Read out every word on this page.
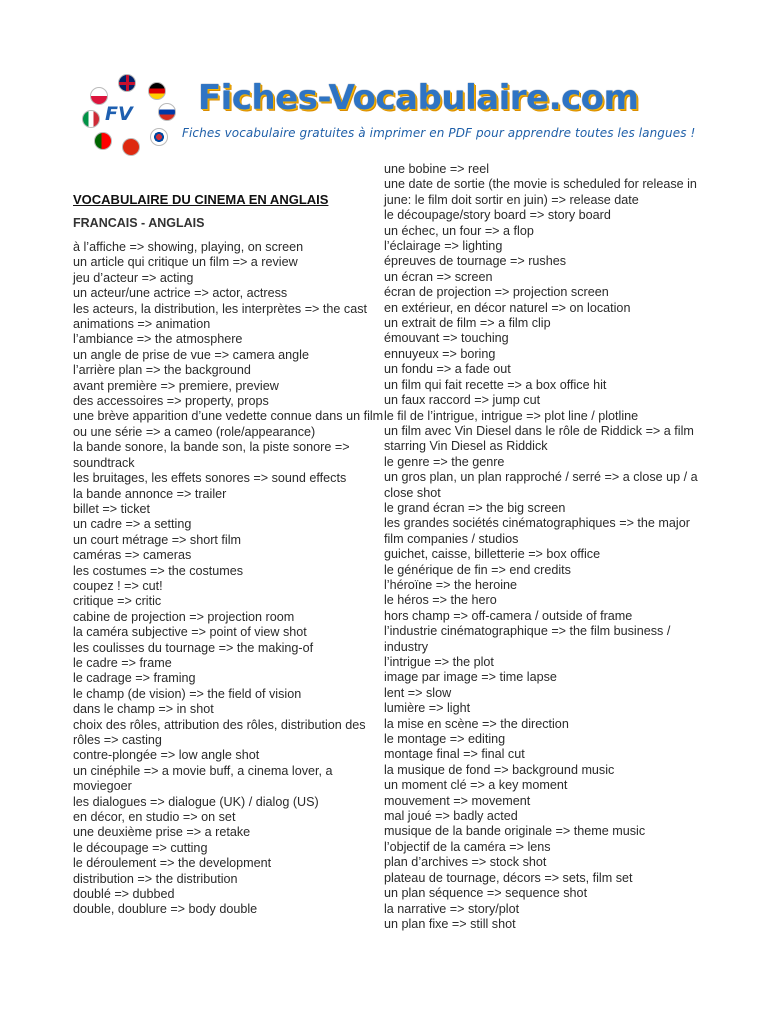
FV	Fiches-Vocabulaire.com
Fiches vocabulaire gratuites à imprimer en PDF pour apprendre toutes les langues !
VOCABULAIRE DU CINEMA EN ANGLAIS
FRANCAIS - ANGLAIS

à l’affiche => showing, playing, on screen

un article qui critique un film => a review

jeu d’acteur => acting

un acteur/une actrice => actor, actress

les acteurs, la distribution, les interprètes => the cast

animations => animation

l’ambiance => the atmosphere

un angle de prise de vue => camera angle

l’arrière plan => the background

avant première => premiere, preview

des accessoires => property, props

une brève apparition d’une vedette connue dans un film ou une série => a cameo (role/appearance)

la bande sonore, la bande son, la piste sonore => soundtrack

les bruitages, les effets sonores => sound effects

la bande annonce => trailer

billet => ticket

un cadre => a setting

un court métrage => short film

caméras => cameras

les costumes => the costumes

coupez ! => cut!

critique => critic

cabine de projection => projection room

la caméra subjective => point of view shot

les coulisses du tournage => the making-of

le cadre => frame

le cadrage => framing

le champ (de vision) => the field of vision

dans le champ => in shot

choix des rôles, attribution des rôles, distribution des rôles => casting

contre-plongée => low angle shot

un cinéphile => a movie buff, a cinema lover, a moviegoer

les dialogues => dialogue (UK) / dialog (US)

en décor, en studio => on set

une deuxième prise => a retake

le découpage => cutting

le déroulement => the development

distribution => the distribution

doublé => dubbed

double, doublure => body double

une bobine => reel

une date de sortie (the movie is scheduled for release in june: le film doit sortir en juin) => release date

le découpage/story board => story board

un échec, un four => a flop

l’éclairage => lighting

épreuves de tournage => rushes

un écran => screen

écran de projection => projection screen

en extérieur, en décor naturel => on location

un extrait de film => a film clip

émouvant => touching

ennuyeux => boring

un fondu => a fade out

un film qui fait recette => a box office hit

un faux raccord => jump cut

le fil de l’intrigue, intrigue => plot line / plotline

un film avec Vin Diesel dans le rôle de Riddick => a film starring Vin Diesel as Riddick

le genre => the genre

un gros plan, un plan rapproché / serré => a close up / a close shot

le grand écran => the big screen

les grandes sociétés cinématographiques => the major film companies / studios

guichet, caisse, billetterie => box office

le générique de fin => end credits

l’héroïne => the heroine

le héros => the hero

hors champ => off-camera / outside of frame

l’industrie cinématographique => the film business / industry

l’intrigue => the plot

image par image => time lapse

lent => slow

lumière => light

la mise en scène => the direction

le montage => editing

montage final => final cut

la musique de fond => background music

un moment clé => a key moment

mouvement => movement

mal joué => badly acted

musique de la bande originale => theme music

l’objectif de la caméra => lens

plan d’archives => stock shot

plateau de tournage, décors => sets, film set

un plan séquence => sequence shot

la narrative => story/plot

un plan fixe => still shot
